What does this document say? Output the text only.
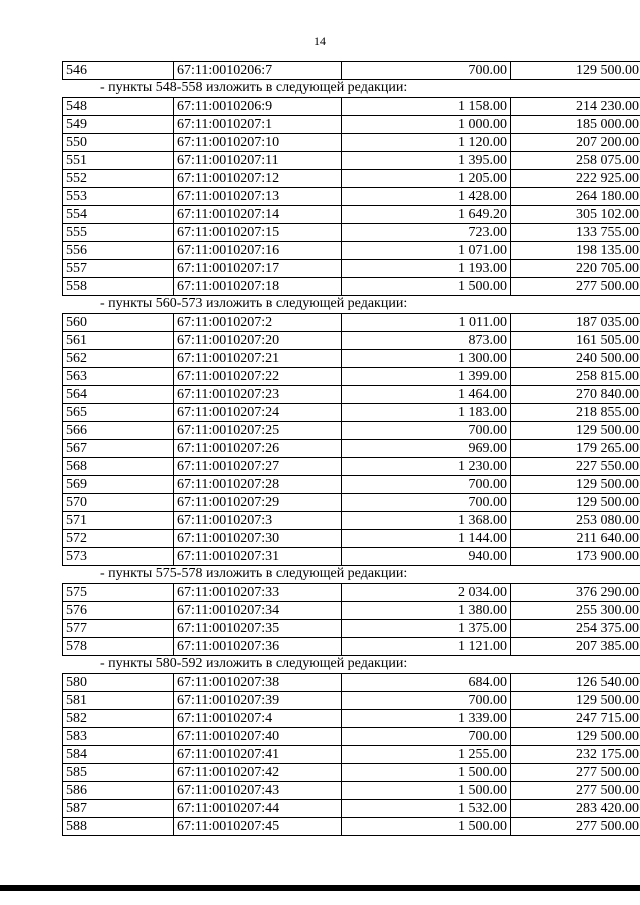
14
546	67:11:0010206:7	700.00	129 500.00
- пункты 548-558 изложить в следующей редакции:
548	67:11:0010206:9	1 158.00	214 230.00
549	67:11:0010207:1	1 000.00	185 000.00
550	67:11:0010207:10	1 120.00	207 200.00
551	67:11:0010207:11	1 395.00	258 075.00
552	67:11:0010207:12	1 205.00	222 925.00
553	67:11:0010207:13	1 428.00	264 180.00
554	67:11:0010207:14	1 649.20	305 102.00
555	67:11:0010207:15	723.00	133 755.00
556	67:11:0010207:16	1 071.00	198 135.00
557	67:11:0010207:17	1 193.00	220 705.00
558	67:11:0010207:18	1 500.00	277 500.00
- пункты 560-573 изложить в следующей редакции:
560	67:11:0010207:2	1 011.00	187 035.00
561	67:11:0010207:20	873.00	161 505.00
562	67:11:0010207:21	1 300.00	240 500.00
563	67:11:0010207:22	1 399.00	258 815.00
564	67:11:0010207:23	1 464.00	270 840.00
565	67:11:0010207:24	1 183.00	218 855.00
566	67:11:0010207:25	700.00	129 500.00
567	67:11:0010207:26	969.00	179 265.00
568	67:11:0010207:27	1 230.00	227 550.00
569	67:11:0010207:28	700.00	129 500.00
570	67:11:0010207:29	700.00	129 500.00
571	67:11:0010207:3	1 368.00	253 080.00
572	67:11:0010207:30	1 144.00	211 640.00
573	67:11:0010207:31	940.00	173 900.00
- пункты 575-578 изложить в следующей редакции:
575	67:11:0010207:33	2 034.00	376 290.00
576	67:11:0010207:34	1 380.00	255 300.00
577	67:11:0010207:35	1 375.00	254 375.00
578	67:11:0010207:36	1 121.00	207 385.00
- пункты 580-592 изложить в следующей редакции:
580	67:11:0010207:38	684.00	126 540.00
581	67:11:0010207:39	700.00	129 500.00
582	67:11:0010207:4	1 339.00	247 715.00
583	67:11:0010207:40	700.00	129 500.00
584	67:11:0010207:41	1 255.00	232 175.00
585	67:11:0010207:42	1 500.00	277 500.00
586	67:11:0010207:43	1 500.00	277 500.00
587	67:11:0010207:44	1 532.00	283 420.00
588	67:11:0010207:45	1 500.00	277 500.00
